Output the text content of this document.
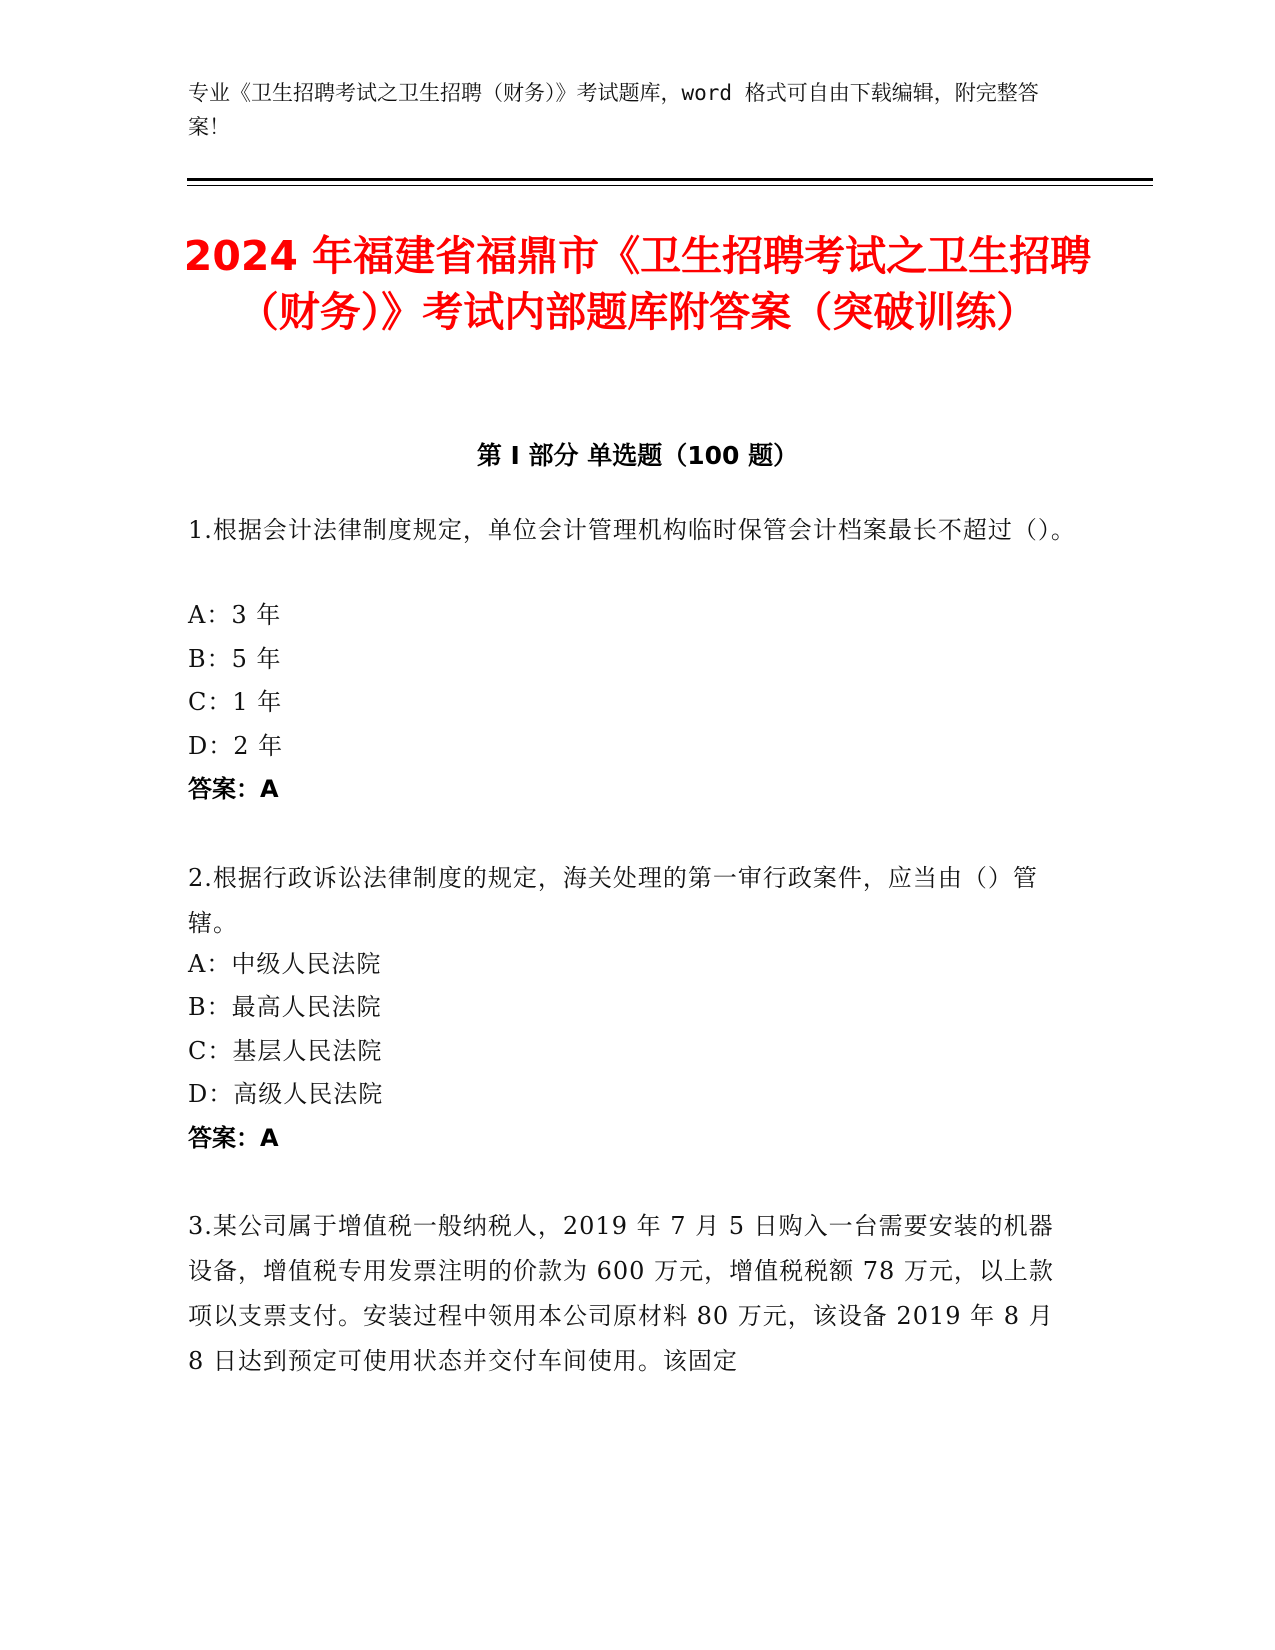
专业《卫生招聘考试之卫生招聘（财务）》考试题库，word 格式可自由下载编辑，附完整答案！
2024 年福建省福鼎市《卫生招聘考试之卫生招聘（财务）》考试内部题库附答案（突破训练）
第 I 部分 单选题（100 题）
1.根据会计法律制度规定，单位会计管理机构临时保管会计档案最长不超过（）。
A：3 年
B：5 年
C：1 年
D：2 年
答案：A
2.根据行政诉讼法律制度的规定，海关处理的第一审行政案件，应当由（）管辖。
A：中级人民法院
B：最高人民法院
C：基层人民法院
D：高级人民法院
答案：A
3.某公司属于增值税一般纳税人，2019 年 7 月 5 日购入一台需要安装的机器设备，增值税专用发票注明的价款为 600 万元，增值税税额 78 万元，以上款项以支票支付。安装过程中领用本公司原材料 80 万元，该设备 2019 年 8 月 8 日达到预定可使用状态并交付车间使用。该固定
